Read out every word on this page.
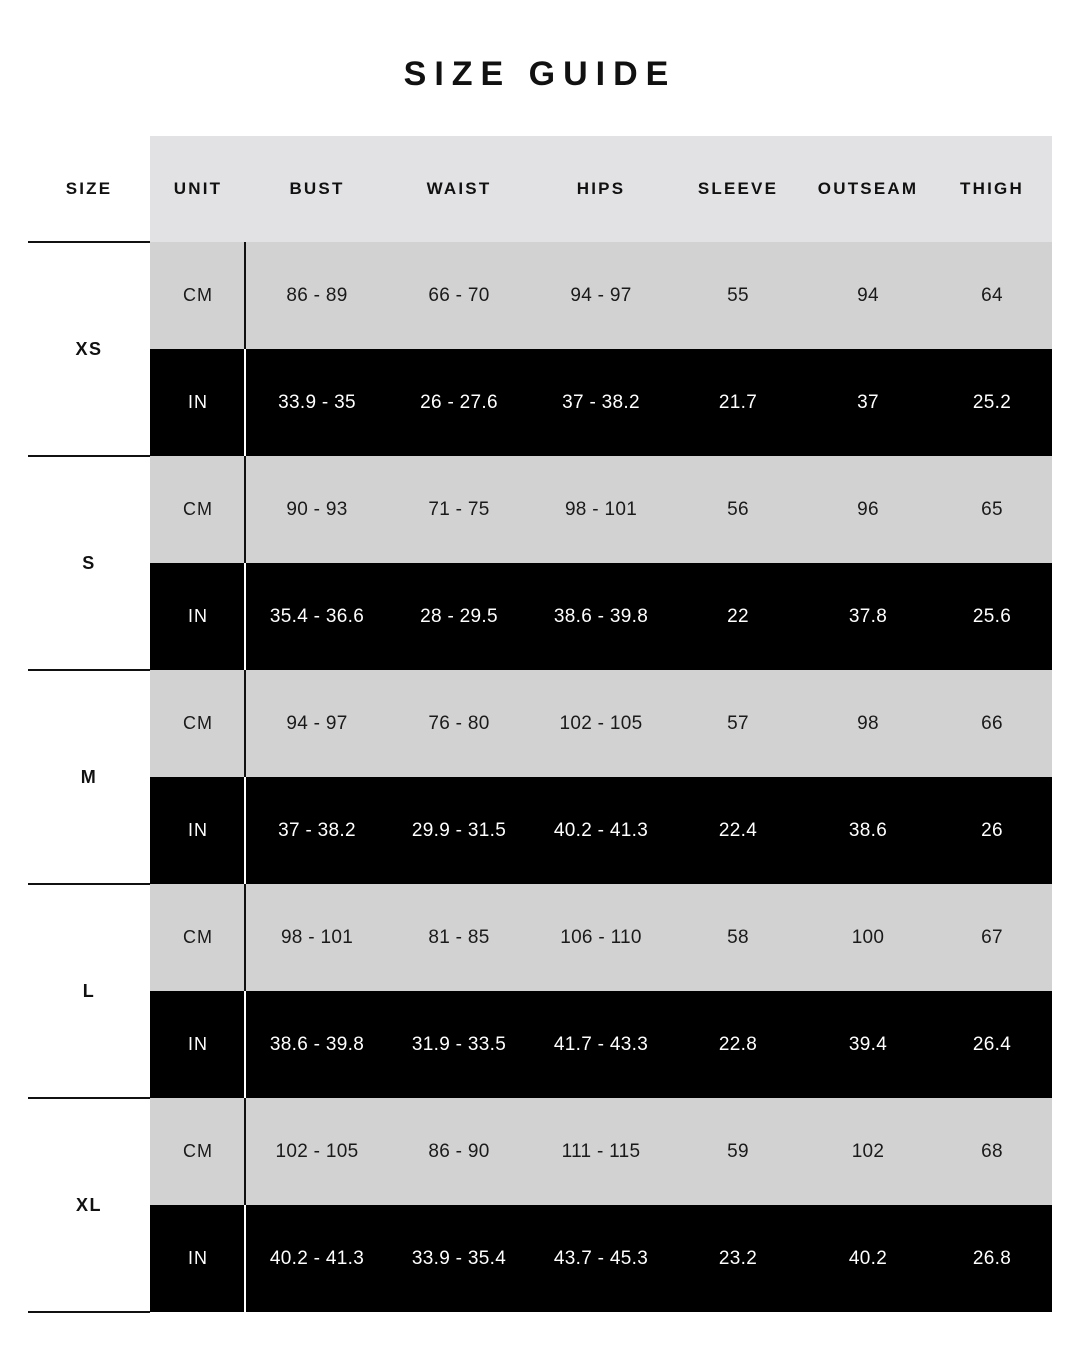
SIZE GUIDE
SIZE	UNIT	BUST	WAIST	HIPS	SLEEVE	OUTSEAM	THIGH
XS	CM	86 - 89	66 - 70	94 - 97	55	94	64
	IN	33.9 - 35	26 - 27.6	37 - 38.2	21.7	37	25.2
S	CM	90 - 93	71 - 75	98 - 101	56	96	65
	IN	35.4 - 36.6	28 - 29.5	38.6 - 39.8	22	37.8	25.6
M	CM	94 - 97	76 - 80	102 - 105	57	98	66
	IN	37 - 38.2	29.9 - 31.5	40.2 - 41.3	22.4	38.6	26
L	CM	98 - 101	81 - 85	106 - 110	58	100	67
	IN	38.6 - 39.8	31.9 - 33.5	41.7 - 43.3	22.8	39.4	26.4
XL	CM	102 - 105	86 - 90	111 - 115	59	102	68
	IN	40.2 - 41.3	33.9 - 35.4	43.7 - 45.3	23.2	40.2	26.8
